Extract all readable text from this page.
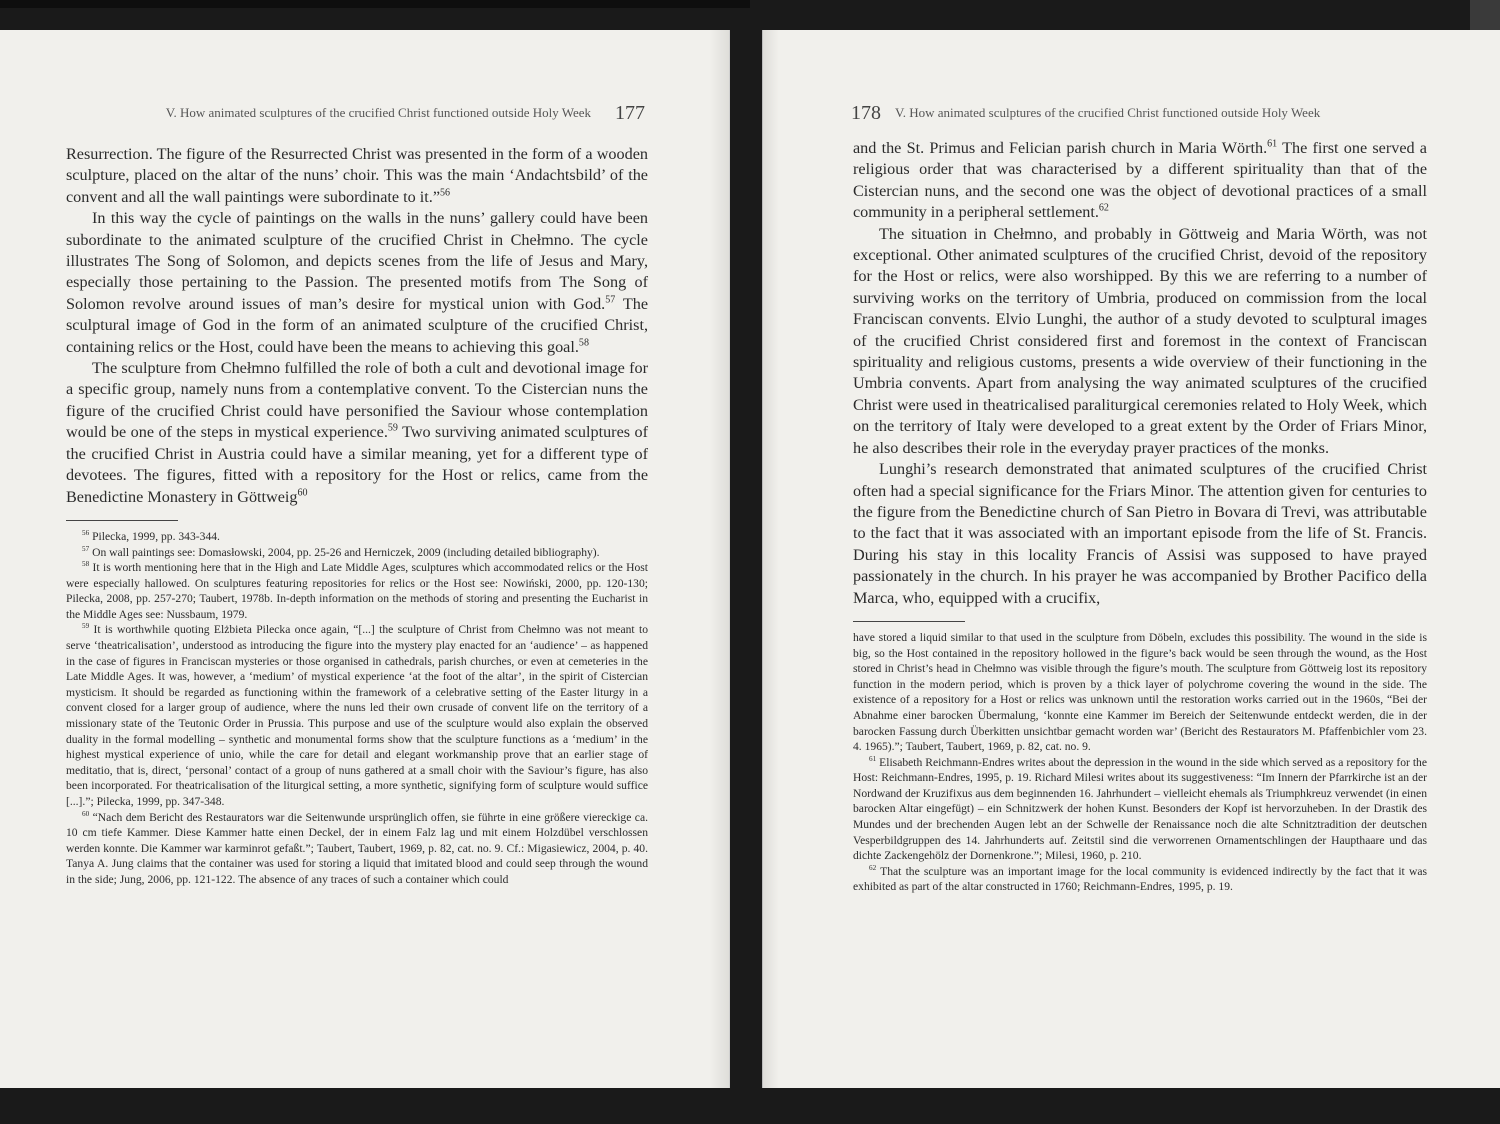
V. How animated sculptures of the crucified Christ functioned outside Holy Week 177

Resurrection. The figure of the Resurrected Christ was presented in the form of a wooden sculpture, placed on the altar of the nuns’ choir. This was the main ‘Andachtsbild’ of the convent and all the wall paintings were subordinate to it.”$^{56}$

In this way the cycle of paintings on the walls in the nuns’ gallery could have been subordinate to the animated sculpture of the crucified Christ in Chełmno. The cycle illustrates The Song of Solomon, and depicts scenes from the life of Jesus and Mary, especially those pertaining to the Passion. The presented motifs from The Song of Solomon revolve around issues of man’s desire for mystical union with God.$^{57}$ The sculptural image of God in the form of an animated sculpture of the crucified Christ, containing relics or the Host, could have been the means to achieving this goal.$^{58}$

The sculpture from Chełmno fulfilled the role of both a cult and devotional image for a specific group, namely nuns from a contemplative convent. To the Cistercian nuns the figure of the crucified Christ could have personified the Saviour whose contemplation would be one of the steps in mystical experience.$^{59}$ Two surviving animated sculptures of the crucified Christ in Austria could have a similar meaning, yet for a different type of devotees. The figures, fitted with a repository for the Host or relics, came from the Benedictine Monastery in Göttweig$^{60}$

$^{56}$ Pilecka, 1999, pp. 343-344.

$^{57}$ On wall paintings see: Domasłowski, 2004, pp. 25-26 and Herniczek, 2009 (including detailed bibliography).

$^{58}$ It is worth mentioning here that in the High and Late Middle Ages, sculptures which accommodated relics or the Host were especially hallowed. On sculptures featuring repositories for relics or the Host see: Nowiński, 2000, pp. 120-130; Pilecka, 2008, pp. 257-270; Taubert, 1978b. In-depth information on the methods of storing and presenting the Eucharist in the Middle Ages see: Nussbaum, 1979.

$^{59}$ It is worthwhile quoting Elżbieta Pilecka once again, “[...] the sculpture of Christ from Chełmno was not meant to serve ‘theatricalisation’, understood as introducing the figure into the mystery play enacted for an ‘audience’ – as happened in the case of figures in Franciscan mysteries or those organised in cathedrals, parish churches, or even at cemeteries in the Late Middle Ages. It was, however, a ‘medium’ of mystical experience ‘at the foot of the altar’, in the spirit of Cistercian mysticism. It should be regarded as functioning within the framework of a celebrative setting of the Easter liturgy in a convent closed for a larger group of audience, where the nuns led their own crusade of convent life on the territory of a missionary state of the Teutonic Order in Prussia. This purpose and use of the sculpture would also explain the observed duality in the formal modelling – synthetic and monumental forms show that the sculpture functions as a ‘medium’ in the highest mystical experience of unio, while the care for detail and elegant workmanship prove that an earlier stage of meditatio, that is, direct, ‘personal’ contact of a group of nuns gathered at a small choir with the Saviour’s figure, has also been incorporated. For theatricalisation of the liturgical setting, a more synthetic, signifying form of sculpture would suffice [...].”; Pilecka, 1999, pp. 347-348.

$^{60}$ “Nach dem Bericht des Restaurators war die Seitenwunde ursprünglich offen, sie führte in eine größere viereckige ca. 10 cm tiefe Kammer. Diese Kammer hatte einen Deckel, der in einem Falz lag und mit einem Holzdübel verschlossen werden konnte. Die Kammer war karminrot gefaßt.”; Taubert, Taubert, 1969, p. 82, cat. no. 9. Cf.: Migasiewicz, 2004, p. 40. Tanya A. Jung claims that the container was used for storing a liquid that imitated blood and could seep through the wound in the side; Jung, 2006, pp. 121-122. The absence of any traces of such a container which could

178 V. How animated sculptures of the crucified Christ functioned outside Holy Week

and the St. Primus and Felician parish church in Maria Wörth.$^{61}$ The first one served a religious order that was characterised by a different spirituality than that of the Cistercian nuns, and the second one was the object of devotional practices of a small community in a peripheral settlement.$^{62}$

The situation in Chełmno, and probably in Göttweig and Maria Wörth, was not exceptional. Other animated sculptures of the crucified Christ, devoid of the repository for the Host or relics, were also worshipped. By this we are referring to a number of surviving works on the territory of Umbria, produced on commission from the local Franciscan convents. Elvio Lunghi, the author of a study devoted to sculptural images of the crucified Christ considered first and foremost in the context of Franciscan spirituality and religious customs, presents a wide overview of their functioning in the Umbria convents. Apart from analysing the way animated sculptures of the crucified Christ were used in theatricalised paraliturgical ceremonies related to Holy Week, which on the territory of Italy were developed to a great extent by the Order of Friars Minor, he also describes their role in the everyday prayer practices of the monks.

Lunghi’s research demonstrated that animated sculptures of the crucified Christ often had a special significance for the Friars Minor. The attention given for centuries to the figure from the Benedictine church of San Pietro in Bovara di Trevi, was attributable to the fact that it was associated with an important episode from the life of St. Francis. During his stay in this locality Francis of Assisi was supposed to have prayed passionately in the church. In his prayer he was accompanied by Brother Pacifico della Marca, who, equipped with a crucifix,

have stored a liquid similar to that used in the sculpture from Döbeln, excludes this possibility. The wound in the side is big, so the Host contained in the repository hollowed in the figure’s back would be seen through the wound, as the Host stored in Christ’s head in Chełmno was visible through the figure’s mouth. The sculpture from Göttweig lost its repository function in the modern period, which is proven by a thick layer of polychrome covering the wound in the side. The existence of a repository for a Host or relics was unknown until the restoration works carried out in the 1960s, “Bei der Abnahme einer barocken Übermalung, ‘konnte eine Kammer im Bereich der Seitenwunde entdeckt werden, die in der barocken Fassung durch Überkitten unsichtbar gemacht worden war’ (Bericht des Restaurators M. Pfaffenbichler vom 23. 4. 1965).”; Taubert, Taubert, 1969, p. 82, cat. no. 9.

$^{61}$ Elisabeth Reichmann-Endres writes about the depression in the wound in the side which served as a repository for the Host: Reichmann-Endres, 1995, p. 19. Richard Milesi writes about its suggestiveness: “Im Innern der Pfarrkirche ist an der Nordwand der Kruzifixus aus dem beginnenden 16. Jahrhundert – vielleicht ehemals als Triumphkreuz verwendet (in einen barocken Altar eingefügt) – ein Schnitzwerk der hohen Kunst. Besonders der Kopf ist hervorzuheben. In der Drastik des Mundes und der brechenden Augen lebt an der Schwelle der Renaissance noch die alte Schnitztradition der deutschen Vesperbildgruppen des 14. Jahrhunderts auf. Zeitstil sind die verworrenen Ornamentschlingen der Haupthaare und das dichte Zackengehölz der Dornenkrone.”; Milesi, 1960, p. 210.

$^{62}$ That the sculpture was an important image for the local community is evidenced indirectly by the fact that it was exhibited as part of the altar constructed in 1760; Reichmann-Endres, 1995, p. 19.
